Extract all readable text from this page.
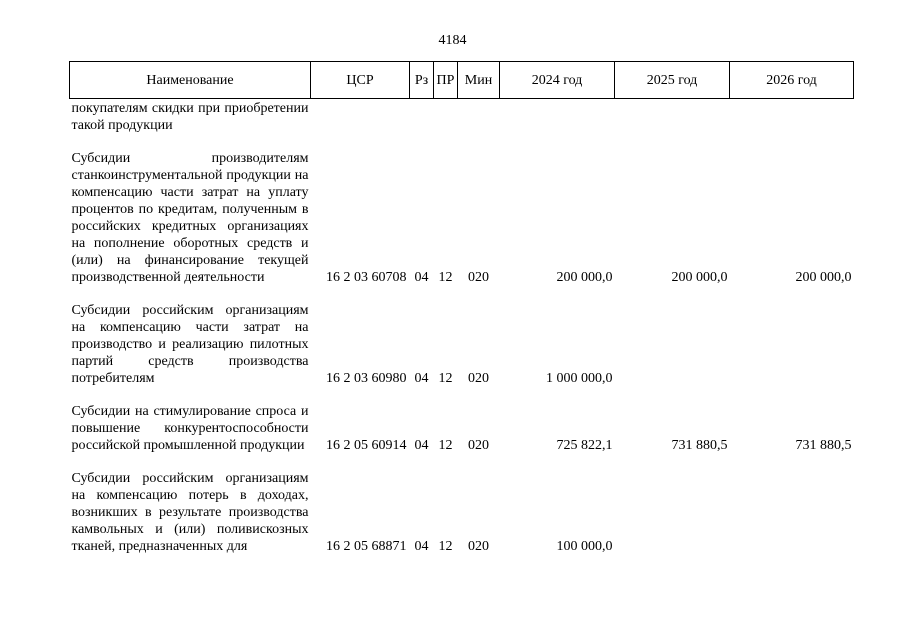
4184
Наименование	ЦСР	Рз	ПР	Мин	2024 год	2025 год	2026 год
покупателям скидки при приобретении такой продукции							

Субсидии производителям станкоинструментальной продукции на компенсацию части затрат на уплату процентов по кредитам, полученным в российских кредитных организациях на пополнение оборотных средств и (или) на финансирование текущей производственной деятельности	16 2 03 60708	04	12	020	200 000,0	200 000,0	200 000,0

Субсидии российским организациям на компенсацию части затрат на производство и реализацию пилотных партий средств производства потребителям	16 2 03 60980	04	12	020	1 000 000,0		

Субсидии на стимулирование спроса и повышение конкурентоспособности российской промышленной продукции	16 2 05 60914	04	12	020	725 822,1	731 880,5	731 880,5

Субсидии российским организациям на компенсацию потерь в доходах, возникших в результате производства камвольных и (или) поливискозных тканей, предназначенных для	16 2 05 68871	04	12	020	100 000,0		
